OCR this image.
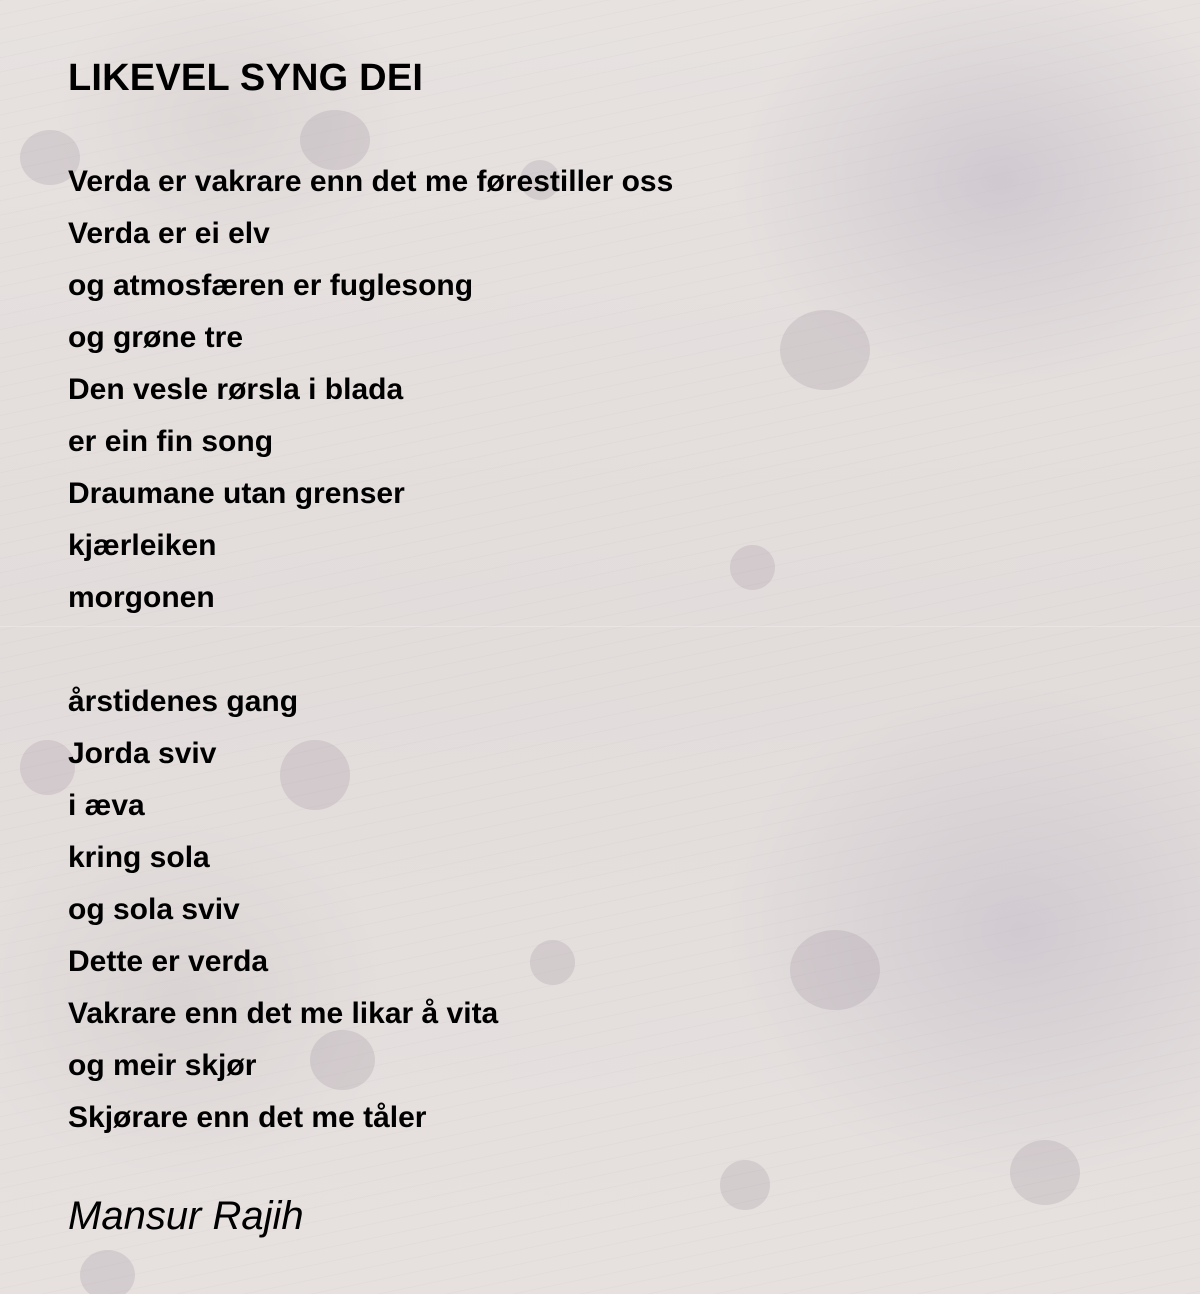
LIKEVEL SYNG DEI
Verda er vakrare enn det me førestiller oss
Verda er ei elv
og atmosfæren er fuglesong
og grøne tre
Den vesle rørsla i blada
er ein fin song
Draumane utan grenser
kjærleiken
morgonen
årstidenes gang
Jorda sviv
i æva
kring sola
og sola sviv
Dette er verda
Vakrare enn det me likar å vita
og meir skjør
Skjørare enn det me tåler

Mansur Rajih
